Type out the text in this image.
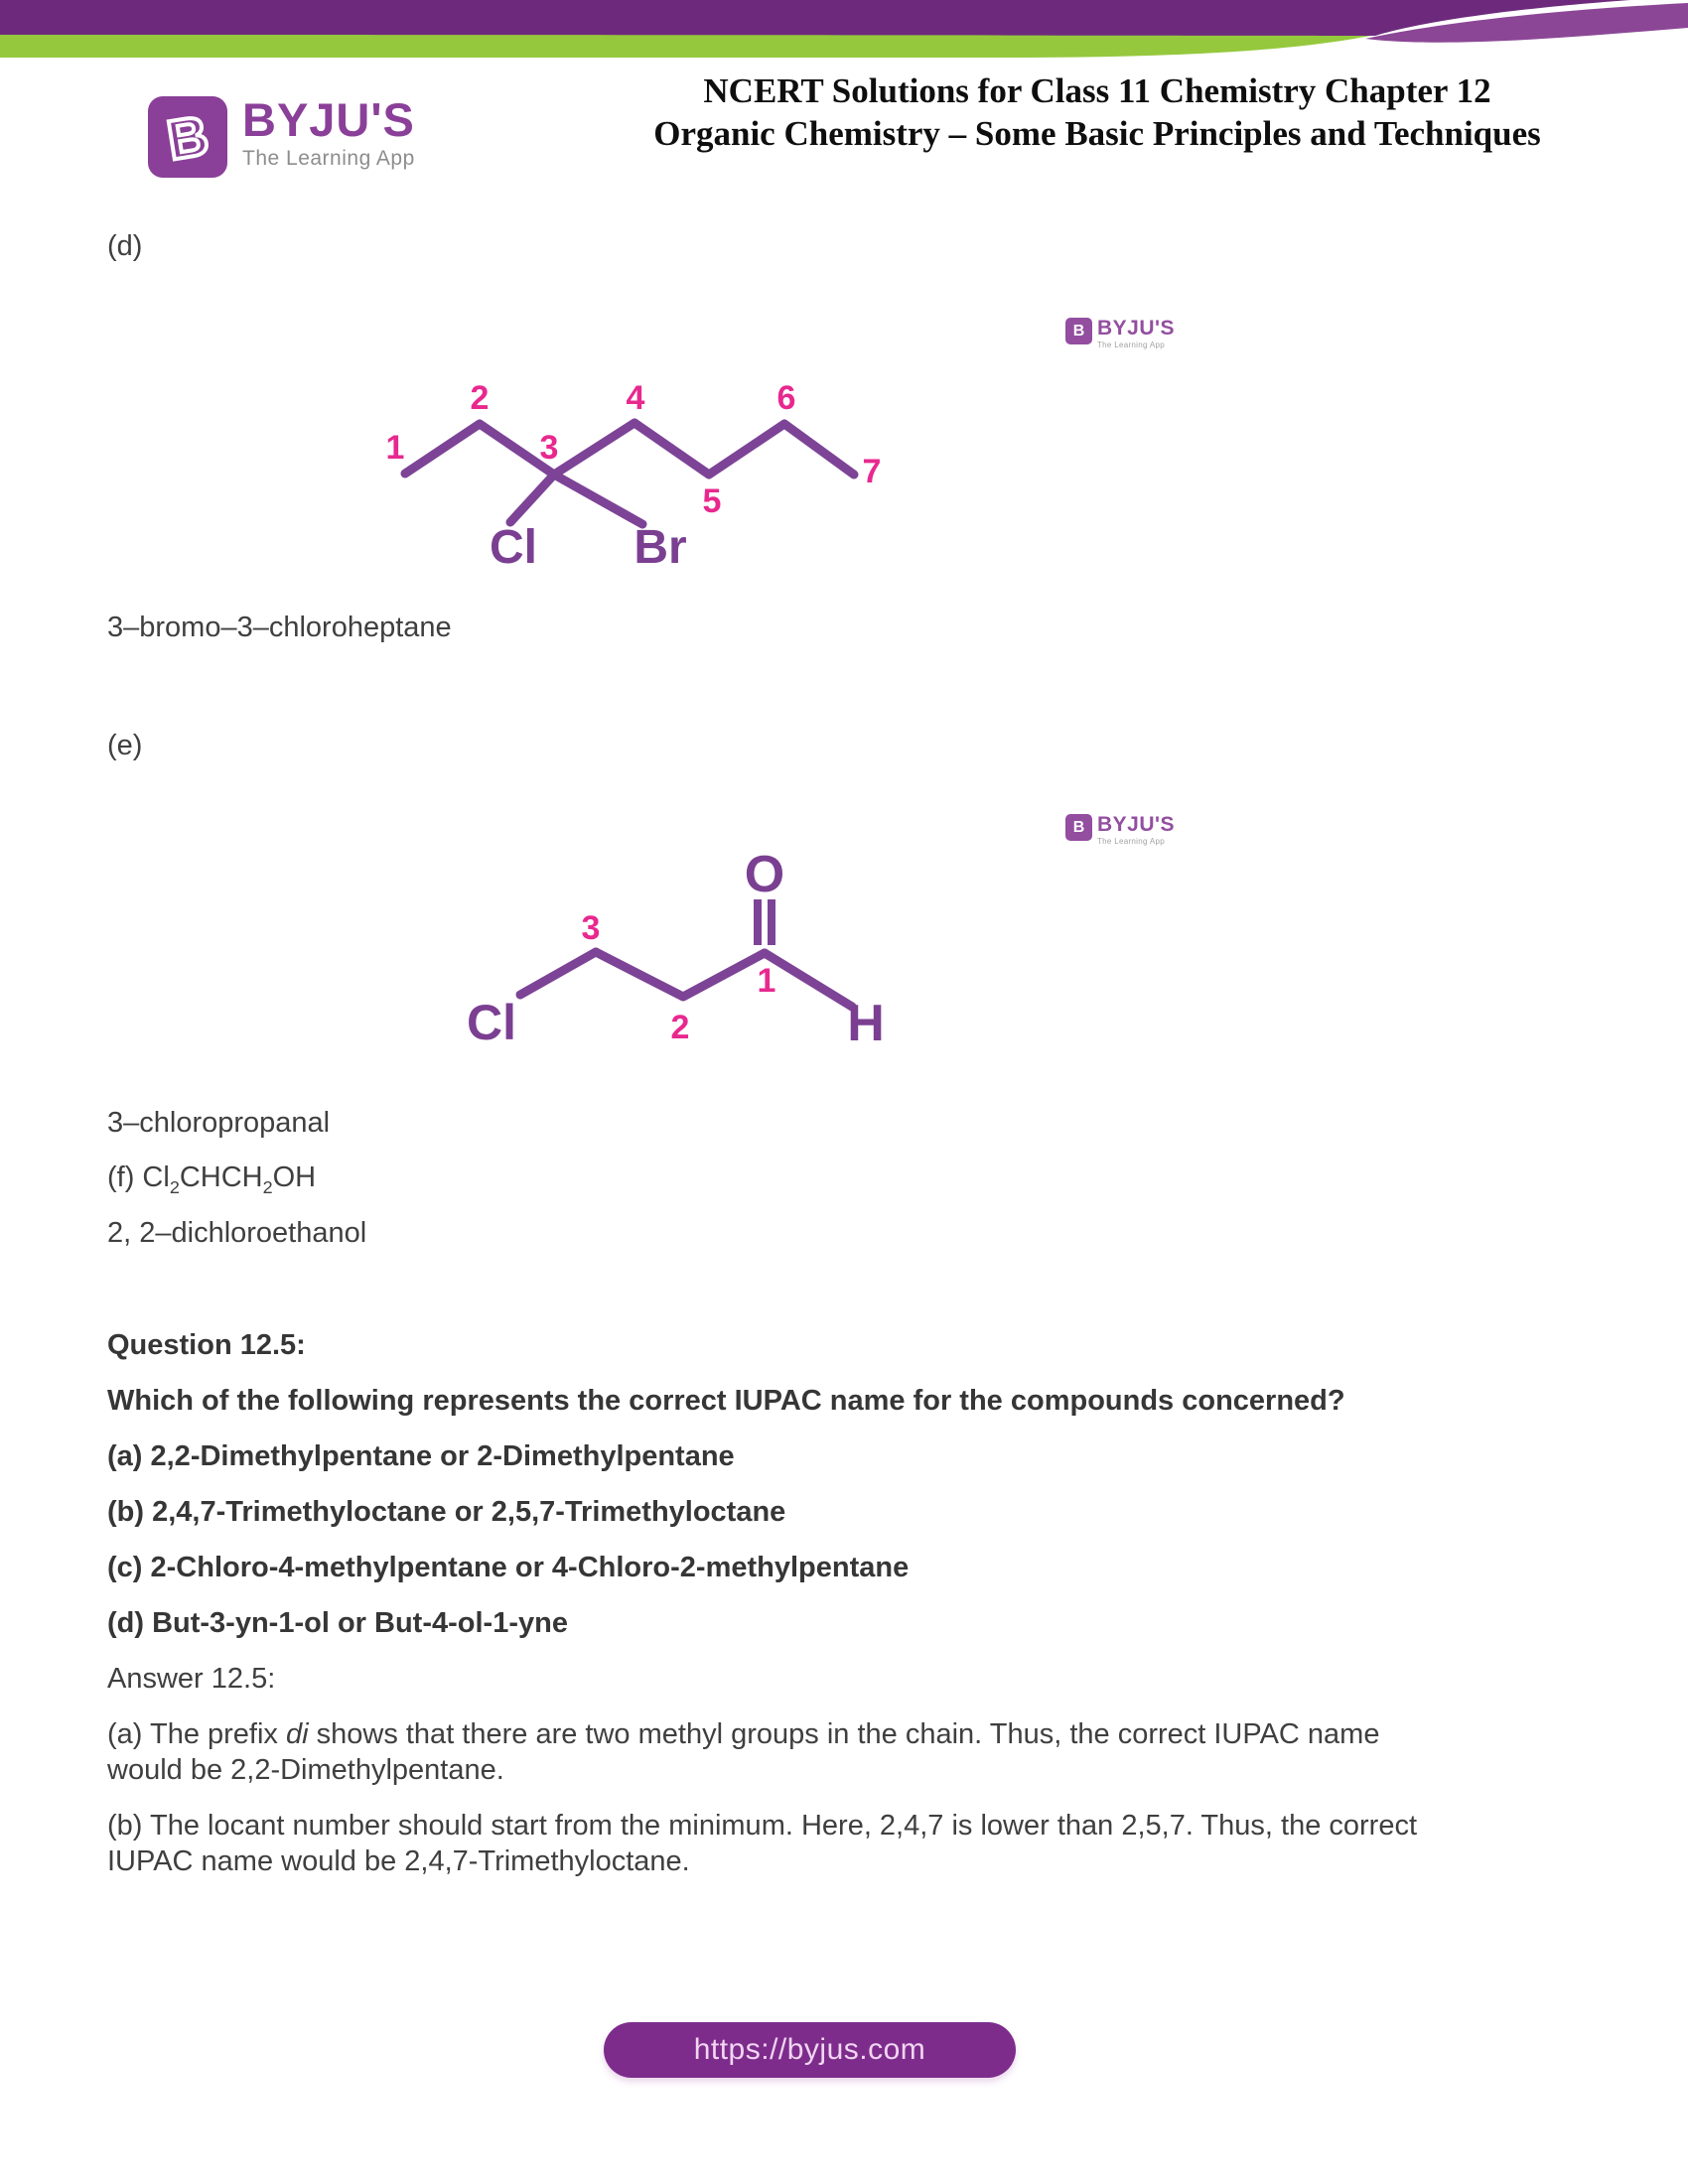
B BYJU'S
The Learning App
NCERT Solutions for Class 11 Chemistry Chapter 12
Organic Chemistry – Some Basic Principles and Techniques
(d)
B BYJU'S
The Learning App
1
2
3
4
5
6
7
Cl Br
3–bromo–3–chloroheptane
(e)
B BYJU'S
The Learning App
O
H
Cl
1
2
3
3–chloropropanal
(f) $Cl_2CHCH_2OH$
2, 2–dichloroethanol
Question 12.5:
Which of the following represents the correct IUPAC name for the compounds concerned?
(a) 2,2-Dimethylpentane or 2-Dimethylpentane
(b) 2,4,7-Trimethyloctane or 2,5,7-Trimethyloctane
(c) 2-Chloro-4-methylpentane or 4-Chloro-2-methylpentane
(d) But-3-yn-1-ol or But-4-ol-1-yne
Answer 12.5:
(a) The prefix di shows that there are two methyl groups in the chain. Thus, the correct IUPAC name
would be 2,2-Dimethylpentane.
(b) The locant number should start from the minimum. Here, 2,4,7 is lower than 2,5,7. Thus, the correct
IUPAC name would be 2,4,7-Trimethyloctane.
https://byjus.com
